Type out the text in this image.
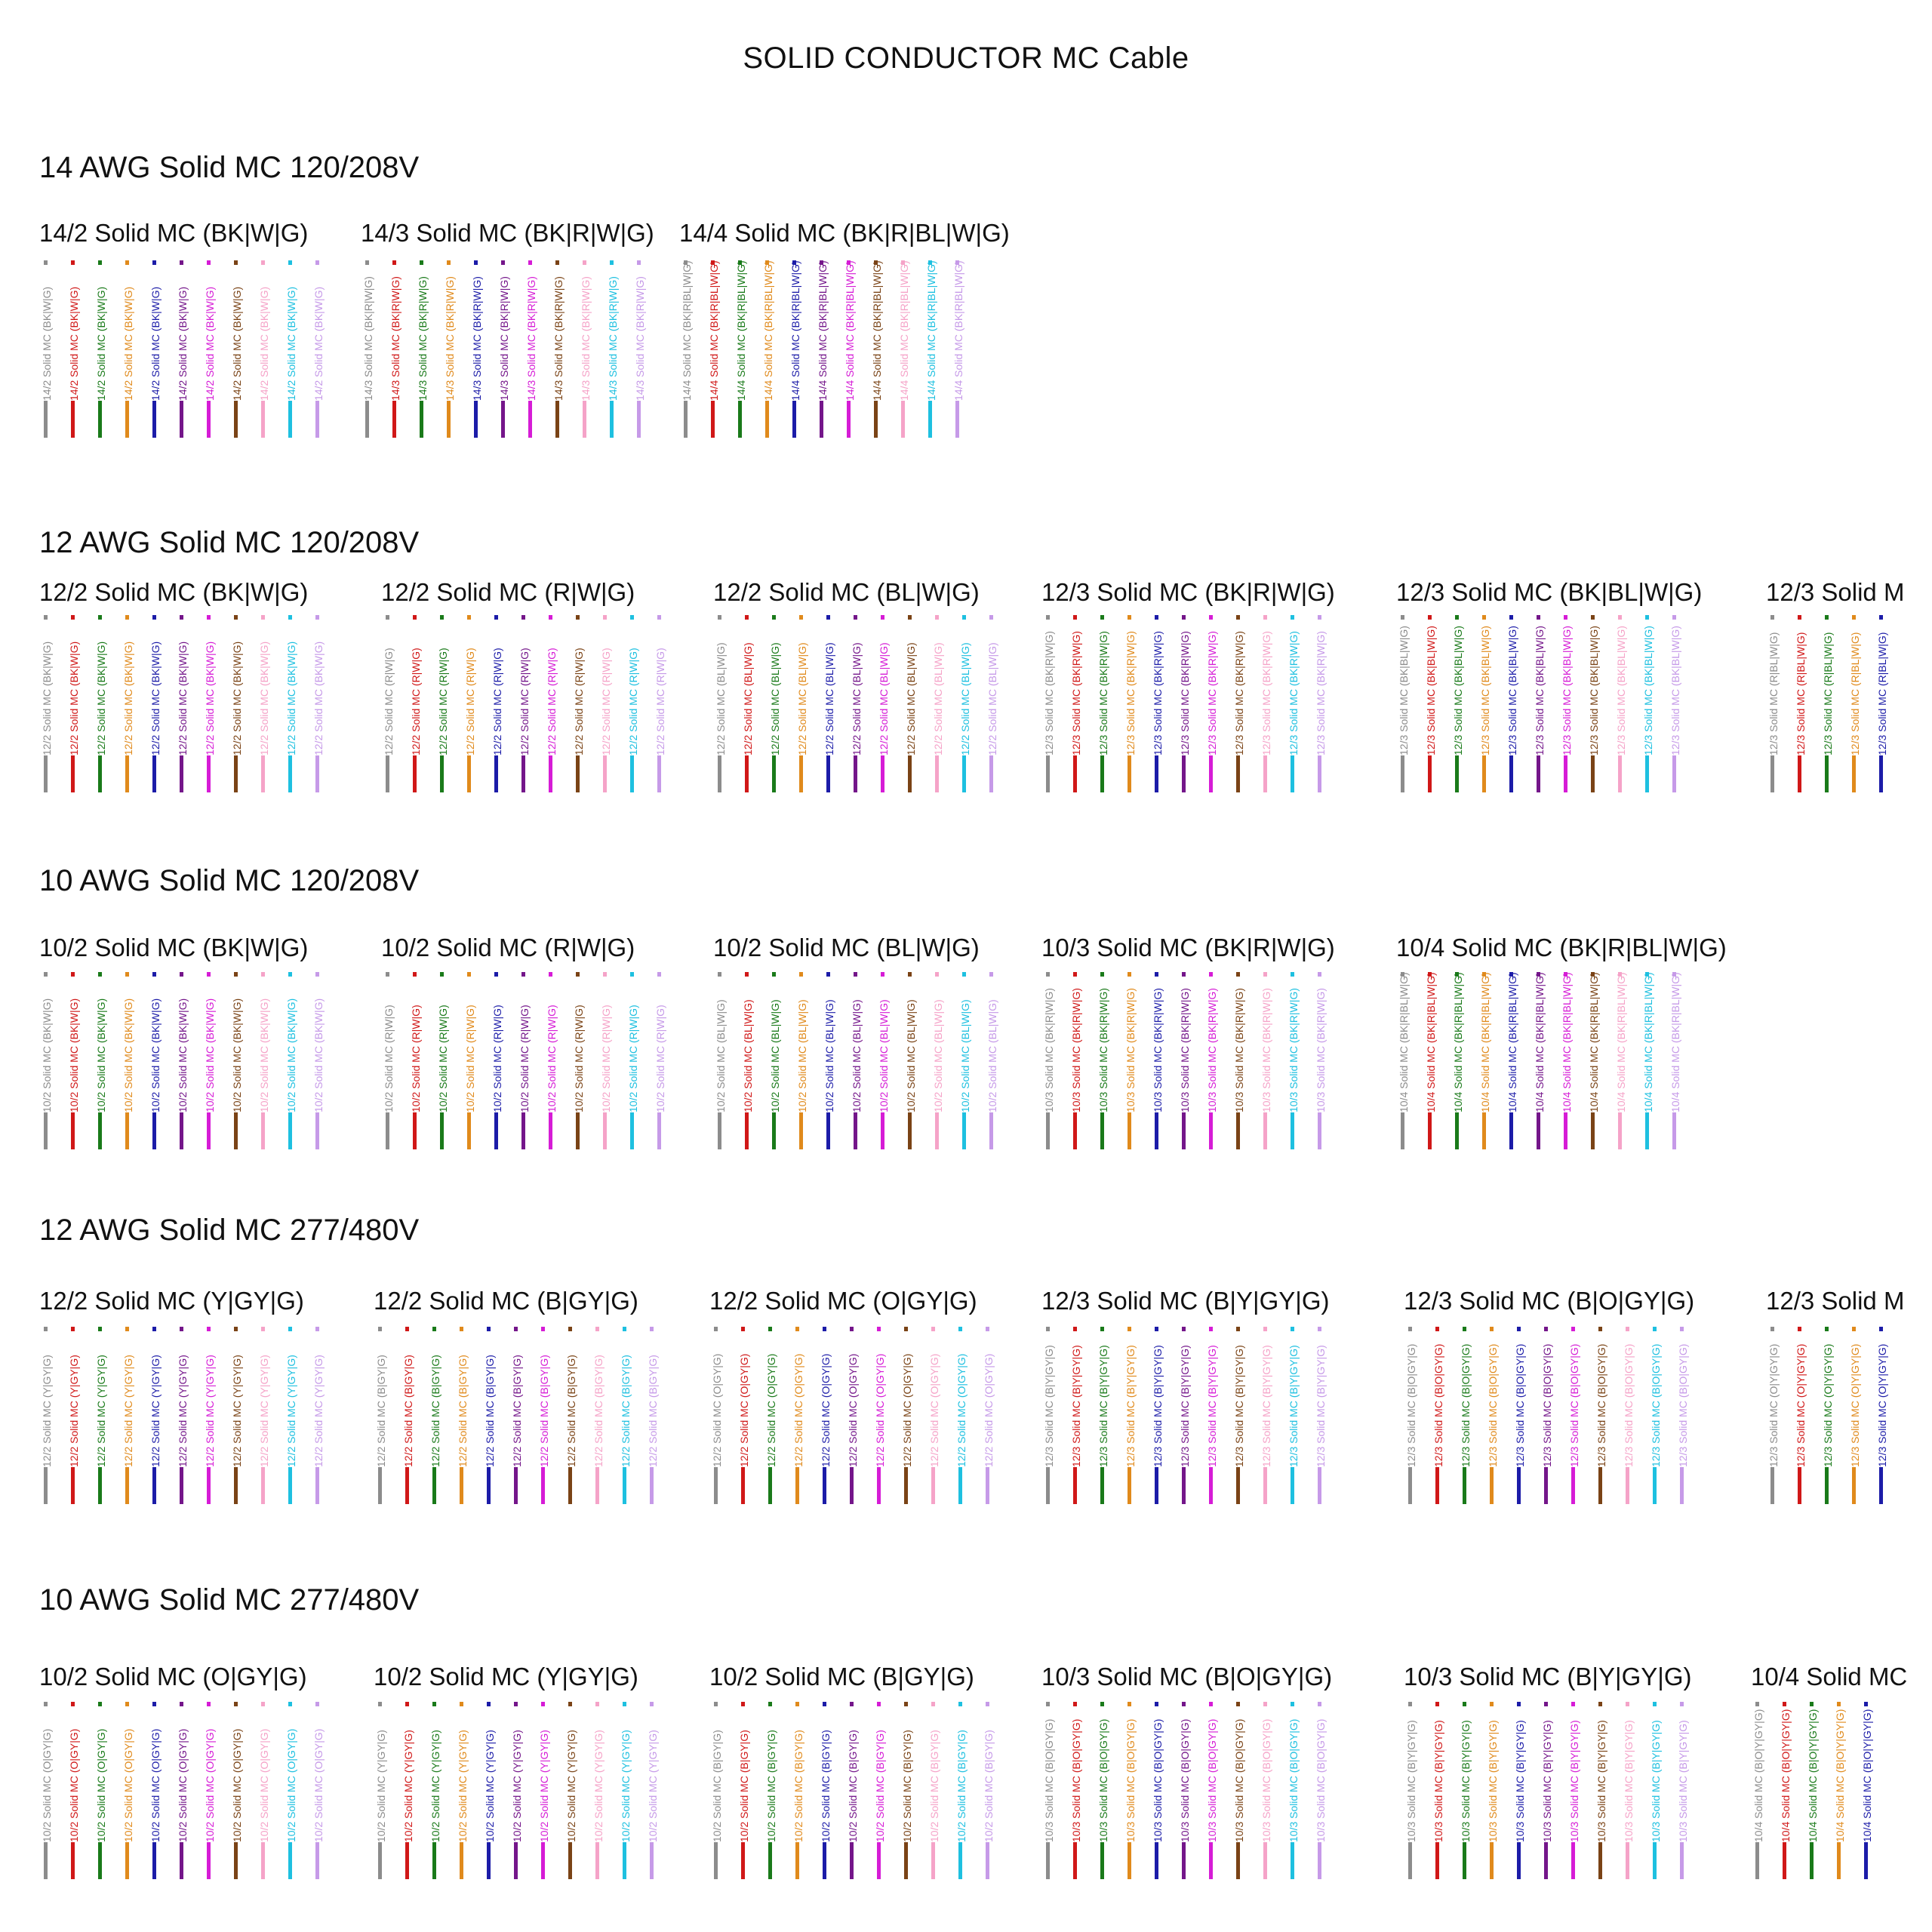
SOLID CONDUCTOR MC Cable
14 AWG Solid MC 120/208V
14/2 Solid MC (BK|W|G)
14/2 Solid MC (BK|W|G)	14/2 Solid MC (BK|W|G)	14/2 Solid MC (BK|W|G)	14/2 Solid MC (BK|W|G)	14/2 Solid MC (BK|W|G)	14/2 Solid MC (BK|W|G)	14/2 Solid MC (BK|W|G)	14/2 Solid MC (BK|W|G)	14/2 Solid MC (BK|W|G)	14/2 Solid MC (BK|W|G)	14/2 Solid MC (BK|W|G)
14/3 Solid MC (BK|R|W|G)
14/3 Solid MC (BK|R|W|G)	14/3 Solid MC (BK|R|W|G)	14/3 Solid MC (BK|R|W|G)	14/3 Solid MC (BK|R|W|G)	14/3 Solid MC (BK|R|W|G)	14/3 Solid MC (BK|R|W|G)	14/3 Solid MC (BK|R|W|G)	14/3 Solid MC (BK|R|W|G)	14/3 Solid MC (BK|R|W|G)	14/3 Solid MC (BK|R|W|G)	14/3 Solid MC (BK|R|W|G)
14/4 Solid MC (BK|R|BL|W|G)
14/4 Solid MC (BK|R|BL|W|G)	14/4 Solid MC (BK|R|BL|W|G)	14/4 Solid MC (BK|R|BL|W|G)	14/4 Solid MC (BK|R|BL|W|G)	14/4 Solid MC (BK|R|BL|W|G)	14/4 Solid MC (BK|R|BL|W|G)	14/4 Solid MC (BK|R|BL|W|G)	14/4 Solid MC (BK|R|BL|W|G)	14/4 Solid MC (BK|R|BL|W|G)	14/4 Solid MC (BK|R|BL|W|G)	14/4 Solid MC (BK|R|BL|W|G)
12 AWG Solid MC 120/208V
12/2 Solid MC (BK|W|G)
12/2 Solid MC (BK|W|G)	12/2 Solid MC (BK|W|G)	12/2 Solid MC (BK|W|G)	12/2 Solid MC (BK|W|G)	12/2 Solid MC (BK|W|G)	12/2 Solid MC (BK|W|G)	12/2 Solid MC (BK|W|G)	12/2 Solid MC (BK|W|G)	12/2 Solid MC (BK|W|G)	12/2 Solid MC (BK|W|G)	12/2 Solid MC (BK|W|G)
12/2 Solid MC (R|W|G)
12/2 Solid MC (R|W|G)	12/2 Solid MC (R|W|G)	12/2 Solid MC (R|W|G)	12/2 Solid MC (R|W|G)	12/2 Solid MC (R|W|G)	12/2 Solid MC (R|W|G)	12/2 Solid MC (R|W|G)	12/2 Solid MC (R|W|G)	12/2 Solid MC (R|W|G)	12/2 Solid MC (R|W|G)	12/2 Solid MC (R|W|G)
12/2 Solid MC (BL|W|G)
12/2 Solid MC (BL|W|G)	12/2 Solid MC (BL|W|G)	12/2 Solid MC (BL|W|G)	12/2 Solid MC (BL|W|G)	12/2 Solid MC (BL|W|G)	12/2 Solid MC (BL|W|G)	12/2 Solid MC (BL|W|G)	12/2 Solid MC (BL|W|G)	12/2 Solid MC (BL|W|G)	12/2 Solid MC (BL|W|G)	12/2 Solid MC (BL|W|G)
12/3 Solid MC (BK|R|W|G)
12/3 Solid MC (BK|R|W|G)	12/3 Solid MC (BK|R|W|G)	12/3 Solid MC (BK|R|W|G)	12/3 Solid MC (BK|R|W|G)	12/3 Solid MC (BK|R|W|G)	12/3 Solid MC (BK|R|W|G)	12/3 Solid MC (BK|R|W|G)	12/3 Solid MC (BK|R|W|G)	12/3 Solid MC (BK|R|W|G)	12/3 Solid MC (BK|R|W|G)	12/3 Solid MC (BK|R|W|G)
12/3 Solid MC (BK|BL|W|G)
12/3 Solid MC (BK|BL|W|G)	12/3 Solid MC (BK|BL|W|G)	12/3 Solid MC (BK|BL|W|G)	12/3 Solid MC (BK|BL|W|G)	12/3 Solid MC (BK|BL|W|G)	12/3 Solid MC (BK|BL|W|G)	12/3 Solid MC (BK|BL|W|G)	12/3 Solid MC (BK|BL|W|G)	12/3 Solid MC (BK|BL|W|G)	12/3 Solid MC (BK|BL|W|G)	12/3 Solid MC (BK|BL|W|G)
12/3 Solid M
12/3 Solid MC (R|BL|W|G)	12/3 Solid MC (R|BL|W|G)	12/3 Solid MC (R|BL|W|G)	12/3 Solid MC (R|BL|W|G)	12/3 Solid MC (R|BL|W|G)
10 AWG Solid MC 120/208V
10/2 Solid MC (BK|W|G)
10/2 Solid MC (BK|W|G)	10/2 Solid MC (BK|W|G)	10/2 Solid MC (BK|W|G)	10/2 Solid MC (BK|W|G)	10/2 Solid MC (BK|W|G)	10/2 Solid MC (BK|W|G)	10/2 Solid MC (BK|W|G)	10/2 Solid MC (BK|W|G)	10/2 Solid MC (BK|W|G)	10/2 Solid MC (BK|W|G)	10/2 Solid MC (BK|W|G)
10/2 Solid MC (R|W|G)
10/2 Solid MC (R|W|G)	10/2 Solid MC (R|W|G)	10/2 Solid MC (R|W|G)	10/2 Solid MC (R|W|G)	10/2 Solid MC (R|W|G)	10/2 Solid MC (R|W|G)	10/2 Solid MC (R|W|G)	10/2 Solid MC (R|W|G)	10/2 Solid MC (R|W|G)	10/2 Solid MC (R|W|G)	10/2 Solid MC (R|W|G)
10/2 Solid MC (BL|W|G)
10/2 Solid MC (BL|W|G)	10/2 Solid MC (BL|W|G)	10/2 Solid MC (BL|W|G)	10/2 Solid MC (BL|W|G)	10/2 Solid MC (BL|W|G)	10/2 Solid MC (BL|W|G)	10/2 Solid MC (BL|W|G)	10/2 Solid MC (BL|W|G)	10/2 Solid MC (BL|W|G)	10/2 Solid MC (BL|W|G)	10/2 Solid MC (BL|W|G)
10/3 Solid MC (BK|R|W|G)
10/3 Solid MC (BK|R|W|G)	10/3 Solid MC (BK|R|W|G)	10/3 Solid MC (BK|R|W|G)	10/3 Solid MC (BK|R|W|G)	10/3 Solid MC (BK|R|W|G)	10/3 Solid MC (BK|R|W|G)	10/3 Solid MC (BK|R|W|G)	10/3 Solid MC (BK|R|W|G)	10/3 Solid MC (BK|R|W|G)	10/3 Solid MC (BK|R|W|G)	10/3 Solid MC (BK|R|W|G)
10/4 Solid MC (BK|R|BL|W|G)
10/4 Solid MC (BK|R|BL|W|G)	10/4 Solid MC (BK|R|BL|W|G)	10/4 Solid MC (BK|R|BL|W|G)	10/4 Solid MC (BK|R|BL|W|G)	10/4 Solid MC (BK|R|BL|W|G)	10/4 Solid MC (BK|R|BL|W|G)	10/4 Solid MC (BK|R|BL|W|G)	10/4 Solid MC (BK|R|BL|W|G)	10/4 Solid MC (BK|R|BL|W|G)	10/4 Solid MC (BK|R|BL|W|G)	10/4 Solid MC (BK|R|BL|W|G)
12 AWG Solid MC 277/480V
12/2 Solid MC (Y|GY|G)
12/2 Solid MC (Y|GY|G)	12/2 Solid MC (Y|GY|G)	12/2 Solid MC (Y|GY|G)	12/2 Solid MC (Y|GY|G)	12/2 Solid MC (Y|GY|G)	12/2 Solid MC (Y|GY|G)	12/2 Solid MC (Y|GY|G)	12/2 Solid MC (Y|GY|G)	12/2 Solid MC (Y|GY|G)	12/2 Solid MC (Y|GY|G)	12/2 Solid MC (Y|GY|G)
12/2 Solid MC (B|GY|G)
12/2 Solid MC (B|GY|G)	12/2 Solid MC (B|GY|G)	12/2 Solid MC (B|GY|G)	12/2 Solid MC (B|GY|G)	12/2 Solid MC (B|GY|G)	12/2 Solid MC (B|GY|G)	12/2 Solid MC (B|GY|G)	12/2 Solid MC (B|GY|G)	12/2 Solid MC (B|GY|G)	12/2 Solid MC (B|GY|G)	12/2 Solid MC (B|GY|G)
12/2 Solid MC (O|GY|G)
12/2 Solid MC (O|GY|G)	12/2 Solid MC (O|GY|G)	12/2 Solid MC (O|GY|G)	12/2 Solid MC (O|GY|G)	12/2 Solid MC (O|GY|G)	12/2 Solid MC (O|GY|G)	12/2 Solid MC (O|GY|G)	12/2 Solid MC (O|GY|G)	12/2 Solid MC (O|GY|G)	12/2 Solid MC (O|GY|G)	12/2 Solid MC (O|GY|G)
12/3 Solid MC (B|Y|GY|G)
12/3 Solid MC (B|Y|GY|G)	12/3 Solid MC (B|Y|GY|G)	12/3 Solid MC (B|Y|GY|G)	12/3 Solid MC (B|Y|GY|G)	12/3 Solid MC (B|Y|GY|G)	12/3 Solid MC (B|Y|GY|G)	12/3 Solid MC (B|Y|GY|G)	12/3 Solid MC (B|Y|GY|G)	12/3 Solid MC (B|Y|GY|G)	12/3 Solid MC (B|Y|GY|G)	12/3 Solid MC (B|Y|GY|G)
12/3 Solid MC (B|O|GY|G)
12/3 Solid MC (B|O|GY|G)	12/3 Solid MC (B|O|GY|G)	12/3 Solid MC (B|O|GY|G)	12/3 Solid MC (B|O|GY|G)	12/3 Solid MC (B|O|GY|G)	12/3 Solid MC (B|O|GY|G)	12/3 Solid MC (B|O|GY|G)	12/3 Solid MC (B|O|GY|G)	12/3 Solid MC (B|O|GY|G)	12/3 Solid MC (B|O|GY|G)	12/3 Solid MC (B|O|GY|G)
12/3 Solid M
12/3 Solid MC (O|Y|GY|G)	12/3 Solid MC (O|Y|GY|G)	12/3 Solid MC (O|Y|GY|G)	12/3 Solid MC (O|Y|GY|G)	12/3 Solid MC (O|Y|GY|G)
10 AWG Solid MC 277/480V
10/2 Solid MC (O|GY|G)
10/2 Solid MC (O|GY|G)	10/2 Solid MC (O|GY|G)	10/2 Solid MC (O|GY|G)	10/2 Solid MC (O|GY|G)	10/2 Solid MC (O|GY|G)	10/2 Solid MC (O|GY|G)	10/2 Solid MC (O|GY|G)	10/2 Solid MC (O|GY|G)	10/2 Solid MC (O|GY|G)	10/2 Solid MC (O|GY|G)	10/2 Solid MC (O|GY|G)
10/2 Solid MC (Y|GY|G)
10/2 Solid MC (Y|GY|G)	10/2 Solid MC (Y|GY|G)	10/2 Solid MC (Y|GY|G)	10/2 Solid MC (Y|GY|G)	10/2 Solid MC (Y|GY|G)	10/2 Solid MC (Y|GY|G)	10/2 Solid MC (Y|GY|G)	10/2 Solid MC (Y|GY|G)	10/2 Solid MC (Y|GY|G)	10/2 Solid MC (Y|GY|G)	10/2 Solid MC (Y|GY|G)
10/2 Solid MC (B|GY|G)
10/2 Solid MC (B|GY|G)	10/2 Solid MC (B|GY|G)	10/2 Solid MC (B|GY|G)	10/2 Solid MC (B|GY|G)	10/2 Solid MC (B|GY|G)	10/2 Solid MC (B|GY|G)	10/2 Solid MC (B|GY|G)	10/2 Solid MC (B|GY|G)	10/2 Solid MC (B|GY|G)	10/2 Solid MC (B|GY|G)	10/2 Solid MC (B|GY|G)
10/3 Solid MC (B|O|GY|G)
10/3 Solid MC (B|O|GY|G)	10/3 Solid MC (B|O|GY|G)	10/3 Solid MC (B|O|GY|G)	10/3 Solid MC (B|O|GY|G)	10/3 Solid MC (B|O|GY|G)	10/3 Solid MC (B|O|GY|G)	10/3 Solid MC (B|O|GY|G)	10/3 Solid MC (B|O|GY|G)	10/3 Solid MC (B|O|GY|G)	10/3 Solid MC (B|O|GY|G)	10/3 Solid MC (B|O|GY|G)
10/3 Solid MC (B|Y|GY|G)
10/3 Solid MC (B|Y|GY|G)	10/3 Solid MC (B|Y|GY|G)	10/3 Solid MC (B|Y|GY|G)	10/3 Solid MC (B|Y|GY|G)	10/3 Solid MC (B|Y|GY|G)	10/3 Solid MC (B|Y|GY|G)	10/3 Solid MC (B|Y|GY|G)	10/3 Solid MC (B|Y|GY|G)	10/3 Solid MC (B|Y|GY|G)	10/3 Solid MC (B|Y|GY|G)	10/3 Solid MC (B|Y|GY|G)
10/4 Solid MC
10/4 Solid MC (B|O|Y|GY|G)	10/4 Solid MC (B|O|Y|GY|G)	10/4 Solid MC (B|O|Y|GY|G)	10/4 Solid MC (B|O|Y|GY|G)	10/4 Solid MC (B|O|Y|GY|G)
